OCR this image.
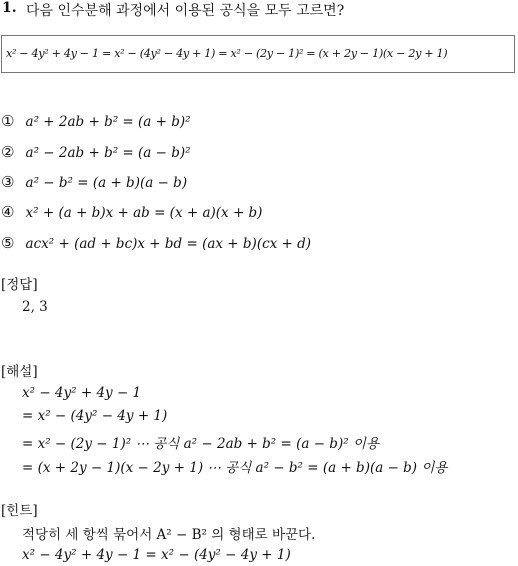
1. 다음 인수분해 과정에서 이용된 공식을 모두 고르면?
x² − 4y² + 4y − 1 = x² − (4y² − 4y + 1) = x² − (2y − 1)² = (x + 2y − 1)(x − 2y + 1)
① a² + 2ab + b² = (a + b)²
② a² − 2ab + b² = (a − b)²
③ a² − b² = (a + b)(a − b)
④ x² + (a + b)x + ab = (x + a)(x + b)
⑤ acx² + (ad + bc)x + bd = (ax + b)(cx + d)
[정답]
2, 3
[해설]
x² − 4y² + 4y − 1
= x² − (4y² − 4y + 1)
= x² − (2y − 1)² ⋯ 공식 a² − 2ab + b² = (a − b)² 이용
= (x + 2y − 1)(x − 2y + 1) ⋯ 공식 a² − b² = (a + b)(a − b) 이용
[힌트]
적당히 세 항씩 묶어서 A² − B² 의 형태로 바꾼다.
x² − 4y² + 4y − 1 = x² − (4y² − 4y + 1)
